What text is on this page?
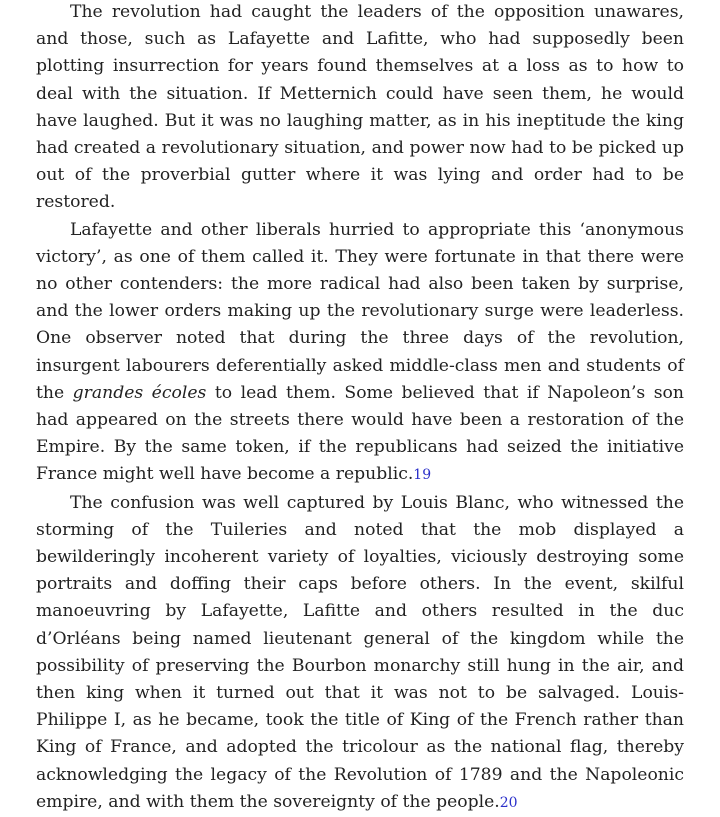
The revolution had caught the leaders of the opposition unawares, and those, such as Lafayette and Lafitte, who had supposedly been plotting insurrection for years found themselves at a loss as to how to deal with the situation. If Metternich could have seen them, he would have laughed. But it was no laughing matter, as in his ineptitude the king had created a revolutionary situation, and power now had to be picked up out of the proverbial gutter where it was lying and order had to be restored.

Lafayette and other liberals hurried to appropriate this ‘anonymous victory’, as one of them called it. They were fortunate in that there were no other contenders: the more radical had also been taken by surprise, and the lower orders making up the revolutionary surge were leaderless. One observer noted that during the three days of the revolution, insurgent labourers deferentially asked middle-class men and students of the grandes écoles to lead them. Some believed that if Napoleon’s son had appeared on the streets there would have been a restoration of the Empire. By the same token, if the republicans had seized the initiative France might well have become a republic.19

The confusion was well captured by Louis Blanc, who witnessed the storming of the Tuileries and noted that the mob displayed a bewilderingly incoherent variety of loyalties, viciously destroying some portraits and doffing their caps before others. In the event, skilful manoeuvring by Lafayette, Lafitte and others resulted in the duc d’Orléans being named lieutenant general of the kingdom while the possibility of preserving the Bourbon monarchy still hung in the air, and then king when it turned out that it was not to be salvaged. Louis-Philippe I, as he became, took the title of King of the French rather than King of France, and adopted the tricolour as the national flag, thereby acknowledging the legacy of the Revolution of 1789 and the Napoleonic empire, and with them the sovereignty of the people.20
